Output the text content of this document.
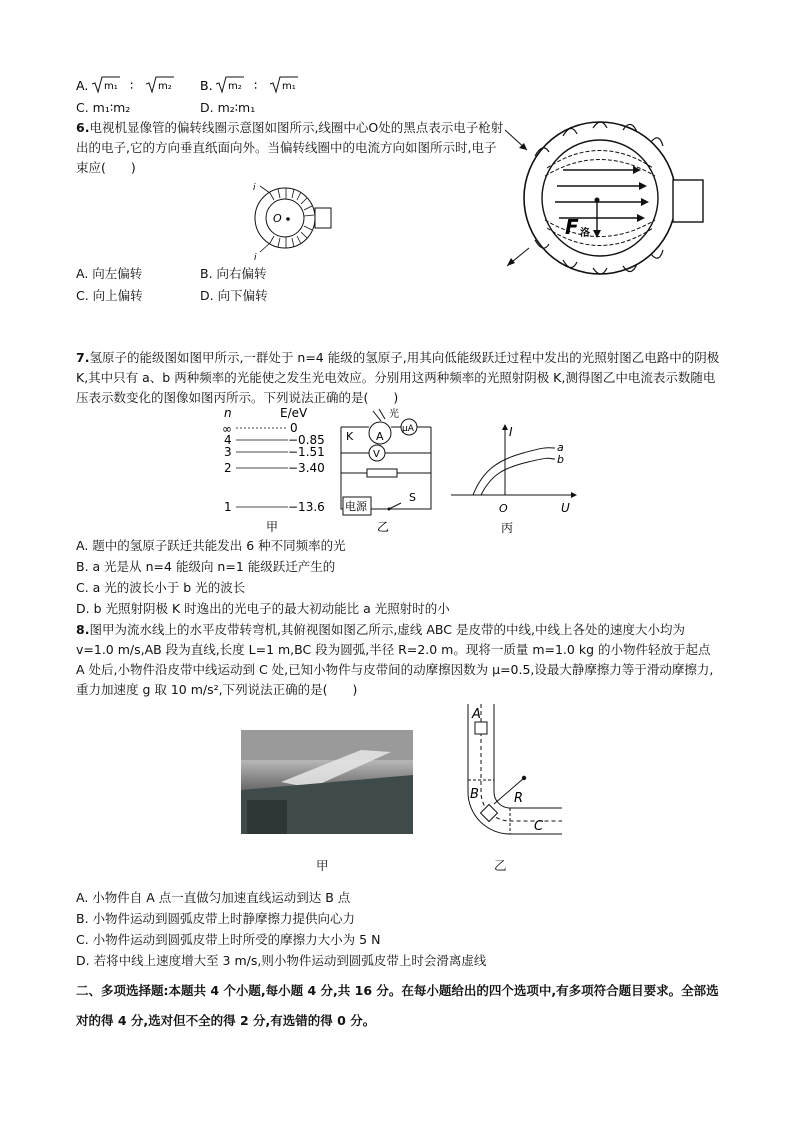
A. m₁ ∶ m₂ B. m₂ ∶ m₁
C. m₁∶m₂	D. m₂∶m₁
6.电视机显像管的偏转线圈示意图如图所示,线圈中心O处的黑点表示电子枪射出的电子,它的方向垂直纸面向外。当偏转线圈中的电流方向如图所示时,电子束应(　　)
i
i
O	F 洛
A. 向左偏转	B. 向右偏转
C. 向上偏转	D. 向下偏转
7.氢原子的能级图如图甲所示,一群处于 n=4 能级的氢原子,用其向低能级跃迁过程中发出的光照射图乙电路中的阴极 K,其中只有 a、b 两种频率的光能使之发生光电效应。分别用这两种频率的光照射阴极 K,测得图乙中电流表示数随电压表示数变化的图像如图丙所示。下列说法正确的是(　　)
n	E/eV
∞	0
4	−0.85
3	−1.51
2	−3.40
1	−13.6
甲
μA
K A
光
V
电源
S
乙
I
U
O
a
b
丙
A. 题中的氢原子跃迁共能发出 6 种不同频率的光
B. a 光是从 n=4 能级向 n=1 能级跃迁产生的
C. a 光的波长小于 b 光的波长
D. b 光照射阴极 K 时逸出的光电子的最大初动能比 a 光照射时的小
8.图甲为流水线上的水平皮带转弯机,其俯视图如图乙所示,虚线 ABC 是皮带的中线,中线上各处的速度大小均为 v=1.0 m/s,AB 段为直线,长度 L=1 m,BC 段为圆弧,半径 R=2.0 m。现将一质量 m=1.0 kg 的小物件轻放于起点 A 处后,小物件沿皮带中线运动到 C 处,已知小物件与皮带间的动摩擦因数为 μ=0.5,设最大静摩擦力等于滑动摩擦力,重力加速度 g 取 10 m/s²,下列说法正确的是(　　)
甲
A
B	R
C
乙
A. 小物件自 A 点一直做匀加速直线运动到达 B 点
B. 小物件运动到圆弧皮带上时静摩擦力提供向心力
C. 小物件运动到圆弧皮带上时所受的摩擦力大小为 5 N
D. 若将中线上速度增大至 3 m/s,则小物件运动到圆弧皮带上时会滑离虚线
二、多项选择题:本题共 4 个小题,每小题 4 分,共 16 分。在每小题给出的四个选项中,有多项符合题目要求。全部选对的得 4 分,选对但不全的得 2 分,有选错的得 0 分。
